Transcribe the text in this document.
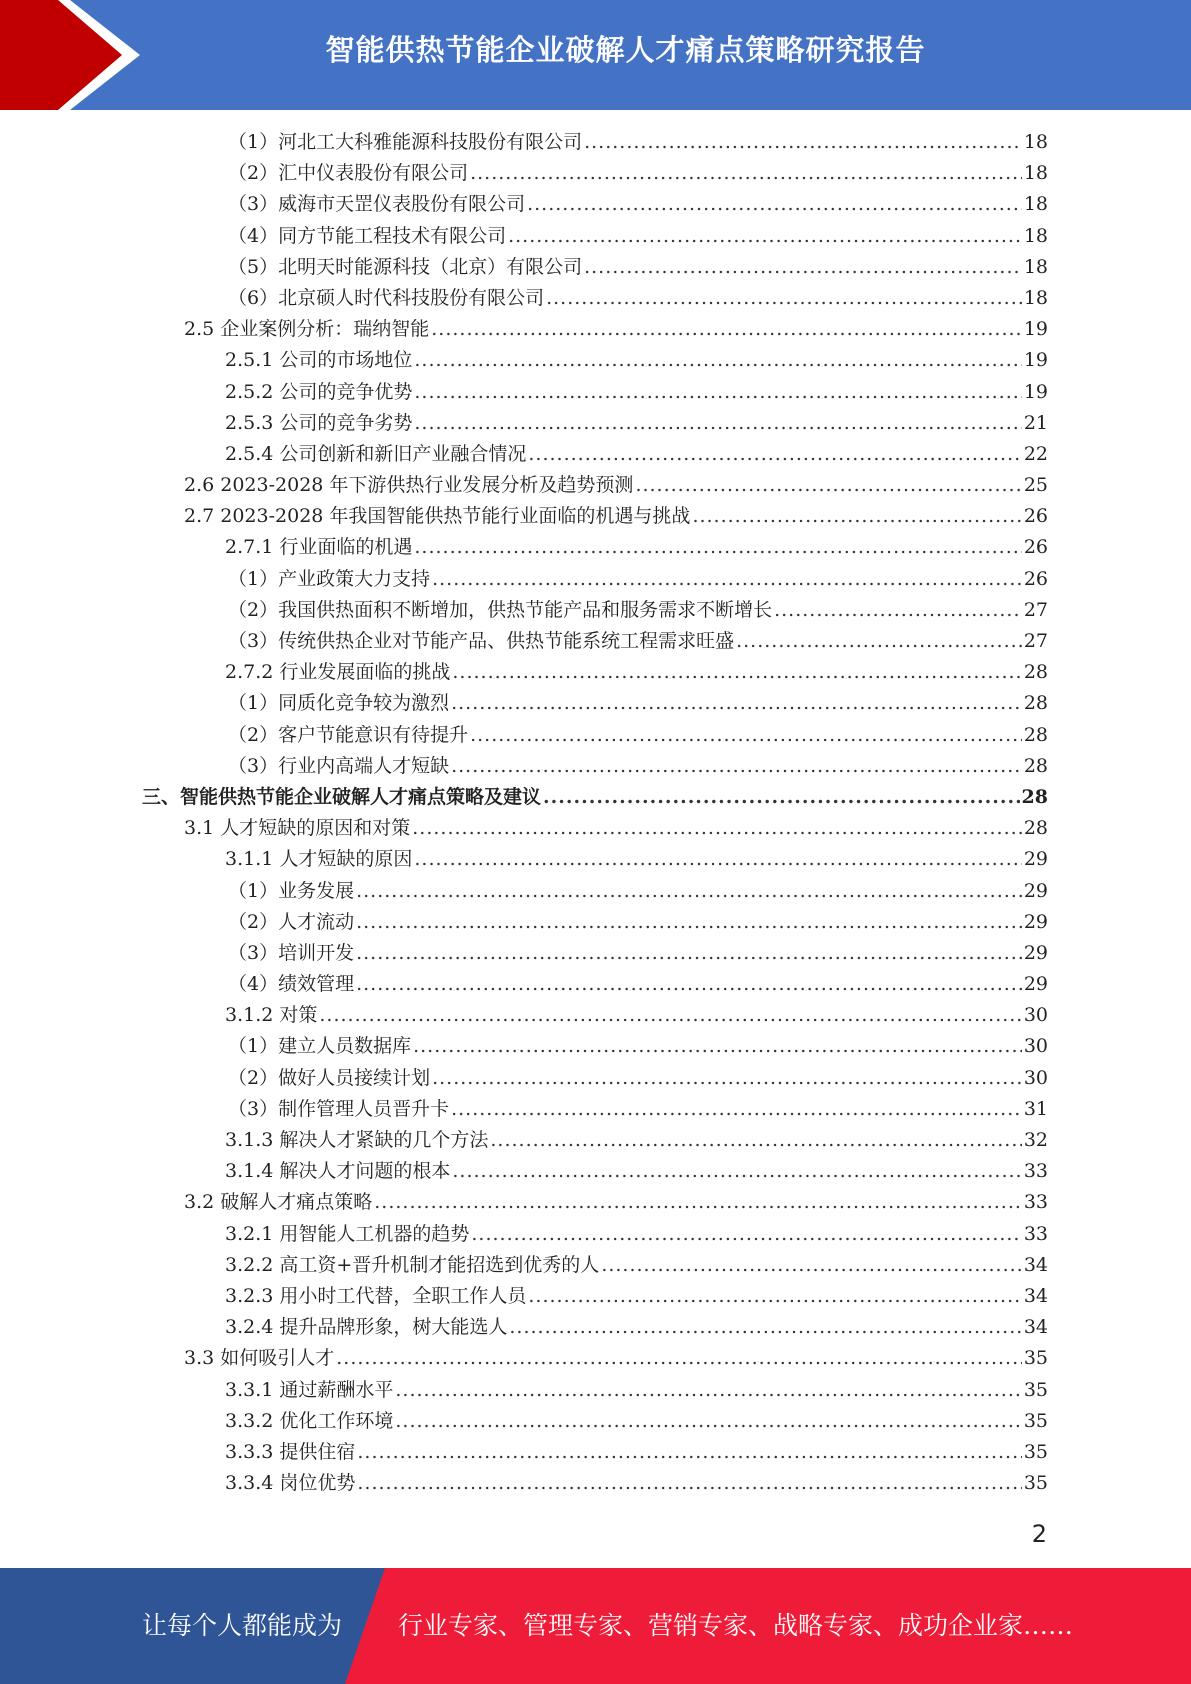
智能供热节能企业破解人才痛点策略研究报告
（1）河北工大科雅能源科技股份有限公司 .....	18
（2）汇中仪表股份有限公司 .....	18
（3）威海市天罡仪表股份有限公司 .....	18
（4）同方节能工程技术有限公司 .....	18
（5）北明天时能源科技（北京）有限公司 .....	18
（6）北京硕人时代科技股份有限公司 .....	18
2.5 企业案例分析：瑞纳智能 .....	19
2.5.1 公司的市场地位 .....	19
2.5.2 公司的竞争优势 .....	19
2.5.3 公司的竞争劣势 .....	21
2.5.4 公司创新和新旧产业融合情况 .....	22
2.6 2023-2028 年下游供热行业发展分析及趋势预测 .....	25
2.7 2023-2028 年我国智能供热节能行业面临的机遇与挑战 .....	26
2.7.1 行业面临的机遇 .....	26
（1）产业政策大力支持 .....	26
（2）我国供热面积不断增加，供热节能产品和服务需求不断增长 .....	27
（3）传统供热企业对节能产品、供热节能系统工程需求旺盛 .....	27
2.7.2 行业发展面临的挑战 .....	28
（1）同质化竞争较为激烈 .....	28
（2）客户节能意识有待提升 .....	28
（3）行业内高端人才短缺 .....	28
三、智能供热节能企业破解人才痛点策略及建议 .....	28
3.1 人才短缺的原因和对策 .....	28
3.1.1 人才短缺的原因 .....	29
（1）业务发展 .....	29
（2）人才流动 .....	29
（3）培训开发 .....	29
（4）绩效管理 .....	29
3.1.2 对策 .....	30
（1）建立人员数据库 .....	30
（2）做好人员接续计划 .....	30
（3）制作管理人员晋升卡 .....	31
3.1.3 解决人才紧缺的几个方法 .....	32
3.1.4 解决人才问题的根本 .....	33
3.2 破解人才痛点策略 .....	33
3.2.1 用智能人工机器的趋势 .....	33
3.2.2 高工资+晋升机制才能招选到优秀的人 .....	34
3.2.3 用小时工代替，全职工作人员 .....	34
3.2.4 提升品牌形象，树大能选人 .....	34
3.3 如何吸引人才 .....	35
3.3.1 通过薪酬水平 .....	35
3.3.2 优化工作环境 .....	35
3.3.3 提供住宿 .....	35
3.3.4 岗位优势 .....	35
2
让每个人都能成为 行业专家、管理专家、营销专家、战略专家、成功企业家……
